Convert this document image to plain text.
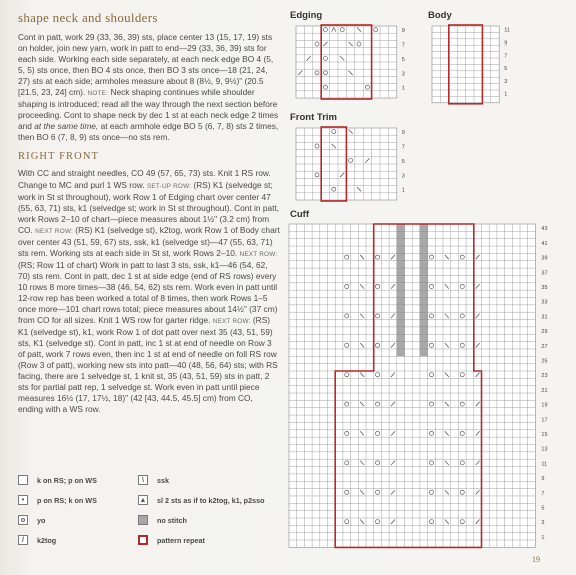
shape neck and shoulders

Cont in patt, work 29 (33, 36, 39) sts, place center 13 (15, 17, 19) sts on holder, join new yarn, work in patt to end—29 (33, 36, 39) sts for each side. Working each side separately, at each neck edge BO 4 (5, 5, 5) sts once, then BO 4 sts once, then BO 3 sts once—18 (21, 24, 27) sts at each side; armholes measure about 8 (8½, 9, 9½)" (20.5 [21.5, 23, 24] cm). NOTE: Neck shaping continues while shoulder shaping is introduced; read all the way through the next section before proceeding. Cont to shape neck by dec 1 st at each neck edge 2 times and at the same time, at each armhole edge BO 5 (6, 7, 8) sts 2 times, then BO 6 (7, 8, 9) sts once—no sts rem.

RIGHT FRONT

With CC and straight needles, CO 49 (57, 65, 73) sts. Knit 1 RS row. Change to MC and purl 1 WS row. SET-UP ROW: (RS) K1 (selvedge st; work in St st throughout), work Row 1 of Edging chart over center 47 (55, 63, 71) sts, k1 (selvedge st; work in St st throughout). Cont in patt, work Rows 2–10 of chart—piece measures about 1½" (3.2 cm) from CO. NEXT ROW: (RS) K1 (selvedge st), k2tog, work Row 1 of Body chart over center 43 (51, 59, 67) sts, ssk, k1 (selvedge st)—47 (55, 63, 71) sts rem. Working sts at each side in St st, work Rows 2–10. NEXT ROW: (RS; Row 11 of chart) Work in patt to last 3 sts, ssk, k1—46 (54, 62, 70) sts rem. Cont in patt, dec 1 st at side edge (end of RS rows) every 10 rows 8 more times—38 (46, 54, 62) sts rem. Work even in patt until 12-row rep has been worked a total of 8 times, then work Rows 1–5 once more—101 chart rows total; piece measures about 14½" (37 cm) from CO for all sizes. Knit 1 WS row for garter ridge. NEXT ROW: (RS) K1 (selvedge st), k1, work Row 1 of dot patt over next 35 (43, 51, 59) sts, K1 (selvedge st). Cont in patt, inc 1 st at end of needle on Row 3 of patt, work 7 rows even, then inc 1 st at end of needle on foll RS row (Row 3 of patt), working new sts into patt—40 (48, 56, 64) sts; with RS facing, there are 1 selvedge st, 1 knit st, 35 (43, 51, 59) sts in patt, 2 sts for partial patt rep, 1 selvedge st. Work even in patt until piece measures 16½ (17, 17½, 18)" (42 [43, 44.5, 45.5] cm) from CO, ending with a WS row.

k on RS; p on WS
•	p on RS; k on WS
o	yo
/	k2tog
\	ssk
▲ sl 2 sts as if to k2tog, k1, p2sso
no stitch
pattern repeat
Edging	Body
Front Trim
Cuff
9
7
5
3
1
11
9
7
5
3
1
9
7
5
3
1
43
41
39
37
35
33
31
29
27
25
23
21
19
17
15
13
11
9
7
5
3
1
19
